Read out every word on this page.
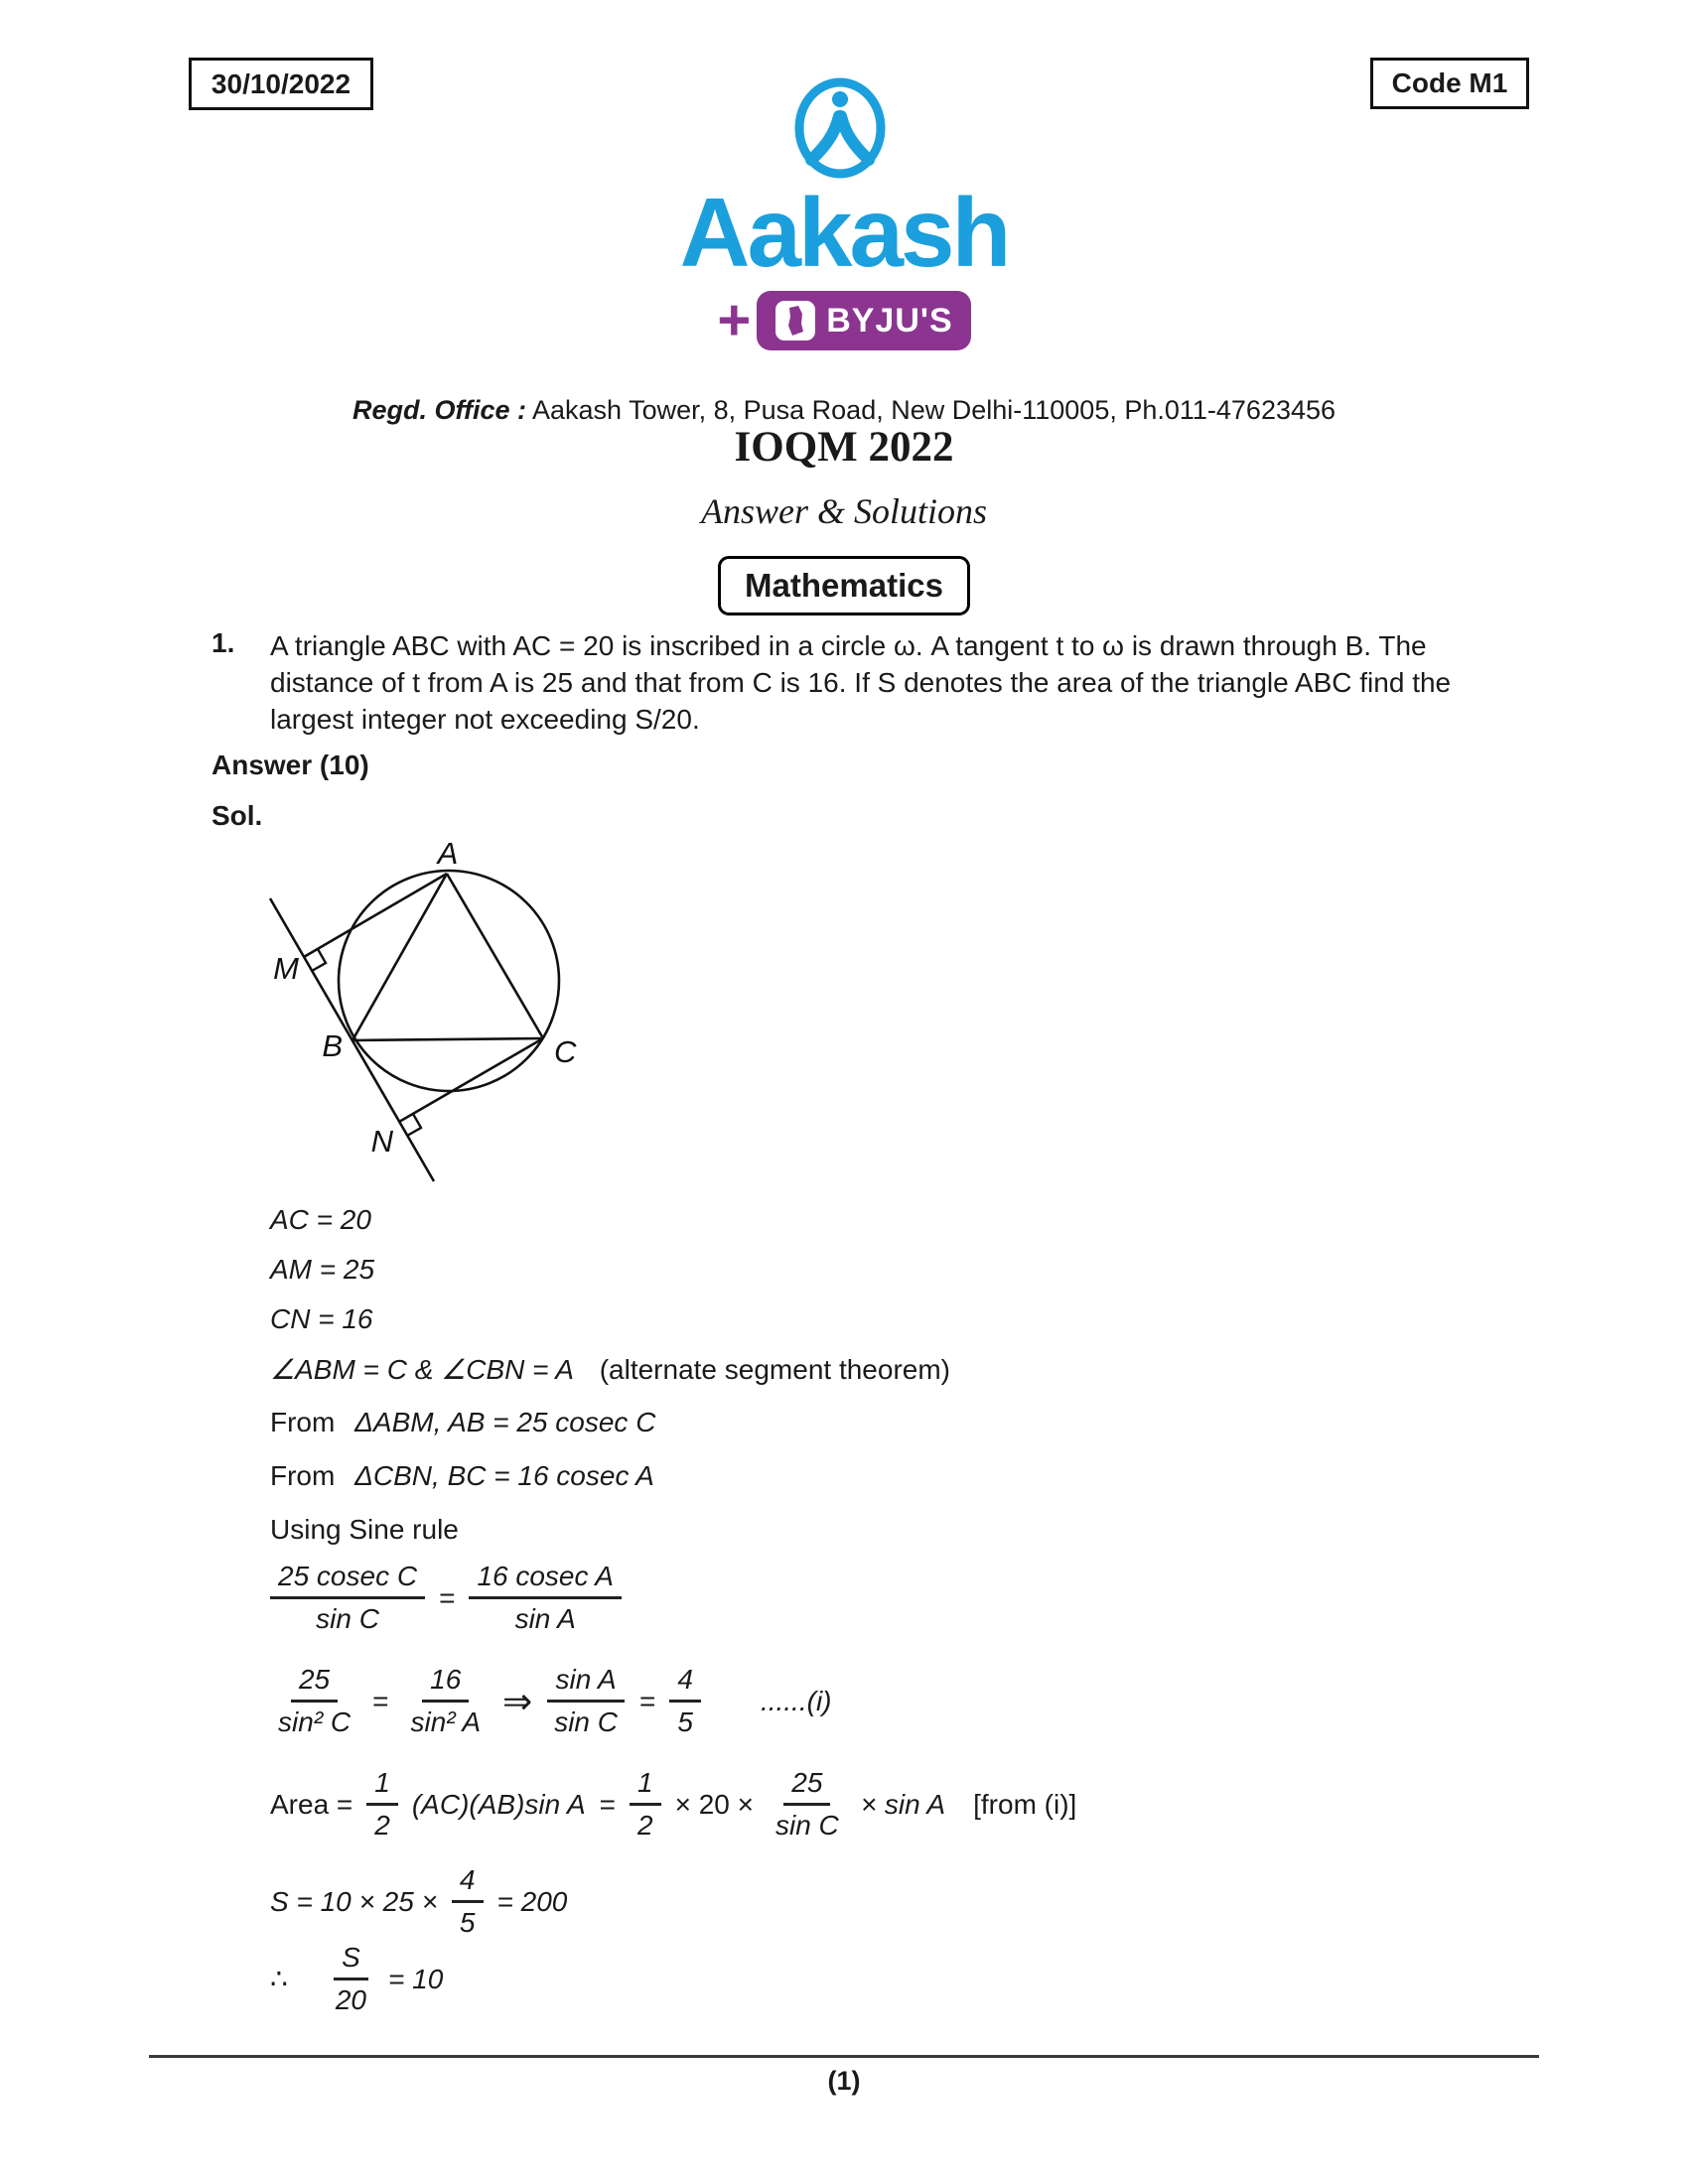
30/10/2022	Code M1
Aakash
+ BYJU'S
Regd. Office : Aakash Tower, 8, Pusa Road, New Delhi-110005, Ph.011-47623456
IOQM 2022
Answer & Solutions
Mathematics
1. A triangle ABC with AC = 20 is inscribed in a circle ω. A tangent t to ω is drawn through B. The distance of t from A is 25 and that from C is 16. If S denotes the area of the triangle ABC find the largest integer not exceeding S/20.
Answer (10)
Sol.
A
M
B	C
N
AC = 20
AM = 25
CN = 16
∠ABM = C & ∠CBN = A (alternate segment theorem)
From ΔABM, AB = 25 cosec C
From ΔCBN, BC = 16 cosec A
Using Sine rule
$\frac{\text{25 cosec C}}{\text{sin C}} = \frac{\text{16 cosec A}}{\text{sin A}}$
$\frac{25}{\text{sin² C}} = \frac{16}{\text{sin² A}}$ ⇒ $\frac{\text{sin A}}{\text{sin C}} = \frac{4}{5} ......(i)$
Area = $\frac{1}{2} (AC)(AB)\sin$ $A = \frac{1}{2} \times 20 \times \frac{25}{\text{sin C}} \times \sin A$ [from (i)]
$S = 10 \times 25 \times \frac{4}{5} = 200$
∴ $\frac{S}{20} = 10$
(1)
